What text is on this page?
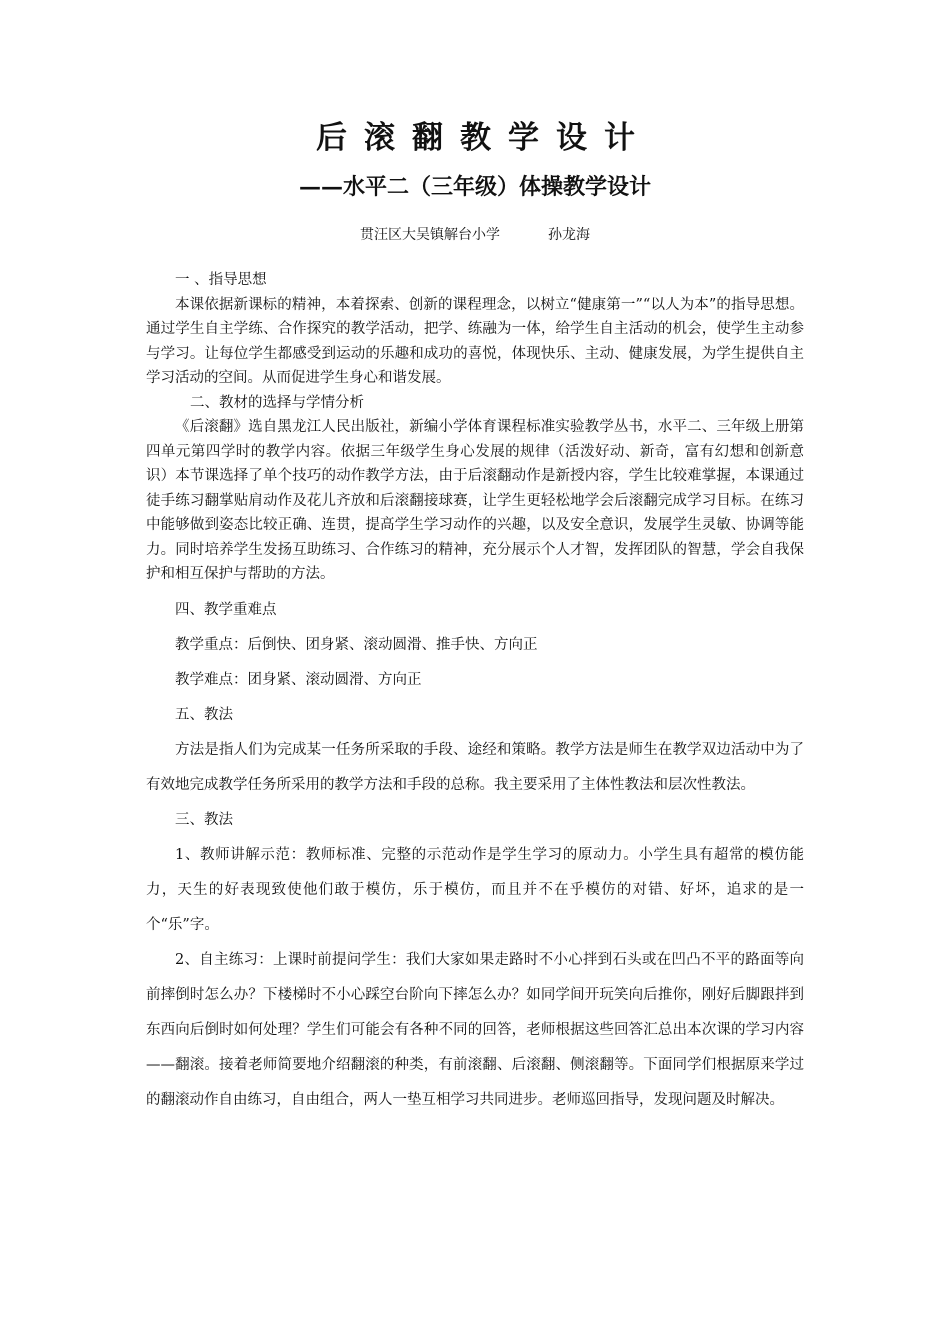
后滚翻教学设计
——水平二（三年级）体操教学设计
贯汪区大吴镇解台小学	孙龙海
一 、指导思想

本课依据新课标的精神，本着探索、创新的课程理念，以树立“健康第一”“以人为本”的指导思想。通过学生自主学练、合作探究的教学活动，把学、练融为一体，给学生自主活动的机会，使学生主动参与学习。让每位学生都感受到运动的乐趣和成功的喜悦，体现快乐、主动、健康发展，为学生提供自主学习活动的空间。从而促进学生身心和谐发展。

二、教材的选择与学情分析

《后滚翻》选自黑龙江人民出版社，新编小学体育课程标准实验教学丛书，水平二、三年级上册第四单元第四学时的教学内容。依据三年级学生身心发展的规律（活泼好动、新奇，富有幻想和创新意识）本节课选择了单个技巧的动作教学方法，由于后滚翻动作是新授内容，学生比较难掌握，本课通过徒手练习翻掌贴肩动作及花儿齐放和后滚翻接球赛，让学生更轻松地学会后滚翻完成学习目标。在练习中能够做到姿态比较正确、连贯，提高学生学习动作的兴趣，以及安全意识，发展学生灵敏、协调等能力。同时培养学生发扬互助练习、合作练习的精神，充分展示个人才智，发挥团队的智慧，学会自我保护和相互保护与帮助的方法。

四、教学重难点

教学重点：后倒快、团身紧、滚动圆滑、推手快、方向正

教学难点：团身紧、滚动圆滑、方向正

五、教法

方法是指人们为完成某一任务所采取的手段、途经和策略。教学方法是师生在教学双边活动中为了有效地完成教学任务所采用的教学方法和手段的总称。我主要采用了主体性教法和层次性教法。

三、教法

1、教师讲解示范：教师标准、完整的示范动作是学生学习的原动力。小学生具有超常的模仿能力，天生的好表现致使他们敢于模仿，乐于模仿，而且并不在乎模仿的对错、好坏，追求的是一个“乐”字。

2、自主练习：上课时前提问学生：我们大家如果走路时不小心拌到石头或在凹凸不平的路面等向前摔倒时怎么办？下楼梯时不小心踩空台阶向下摔怎么办？如同学间开玩笑向后推你，刚好后脚跟拌到东西向后倒时如何处理？学生们可能会有各种不同的回答，老师根据这些回答汇总出本次课的学习内容——翻滚。接着老师简要地介绍翻滚的种类，有前滚翻、后滚翻、侧滚翻等。下面同学们根据原来学过的翻滚动作自由练习，自由组合，两人一垫互相学习共同进步。老师巡回指导，发现问题及时解决。
